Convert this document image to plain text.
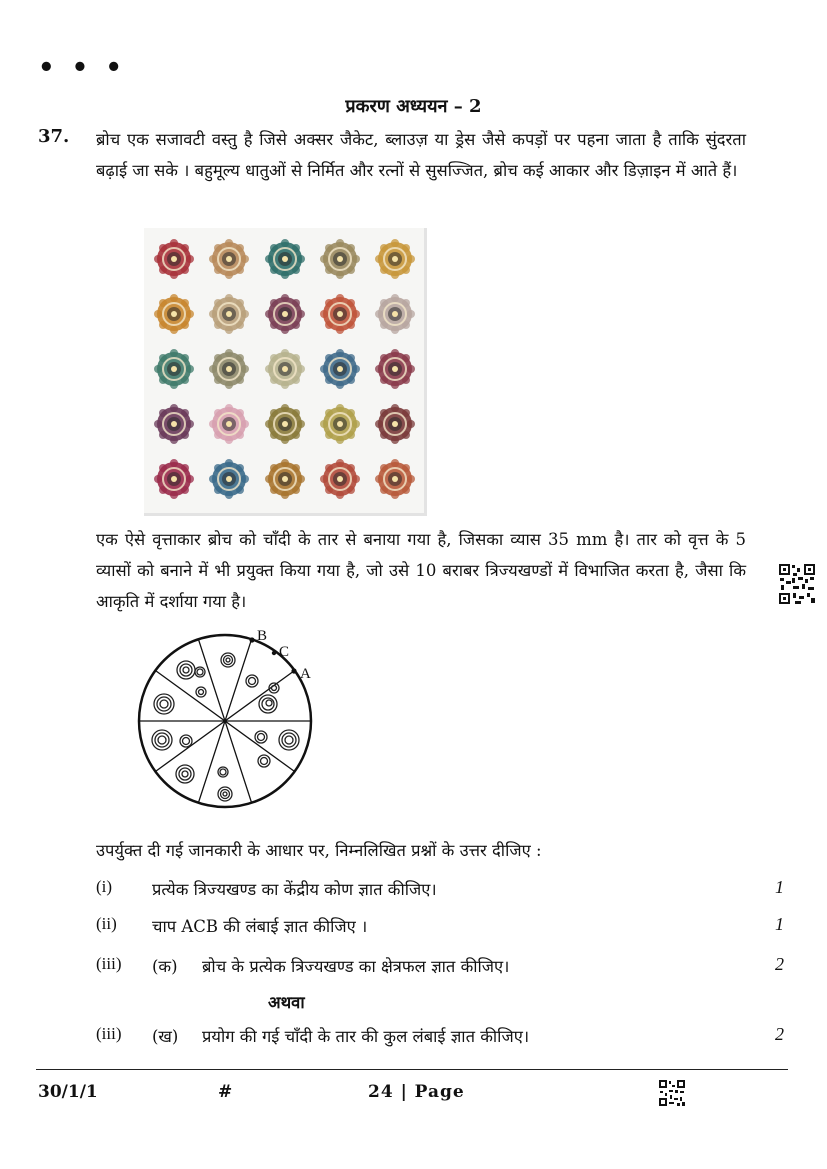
• • •
प्रकरण अध्ययन – 2
37. ब्रोच एक सजावटी वस्तु है जिसे अक्सर जैकेट, ब्लाउज़ या ड्रेस जैसे कपड़ों पर पहना जाता है ताकि सुंदरता बढ़ाई जा सके । बहुमूल्य धातुओं से निर्मित और रत्नों से सुसज्जित, ब्रोच कई आकार और डिज़ाइन में आते हैं।
एक ऐसे वृत्ताकार ब्रोच को चाँदी के तार से बनाया गया है, जिसका व्यास 35 mm है। तार को वृत्त के 5 व्यासों को बनाने में भी प्रयुक्त किया गया है, जो उसे 10 बराबर त्रिज्यखण्डों में विभाजित करता है, जैसा कि आकृति में दर्शाया गया है।
B
C
A
उपर्युक्त दी गई जानकारी के आधार पर, निम्नलिखित प्रश्नों के उत्तर दीजिए :
(i) प्रत्येक त्रिज्यखण्ड का केंद्रीय कोण ज्ञात कीजिए।	1
(ii) चाप ACB की लंबाई ज्ञात कीजिए ।	1
(iii) (क) ब्रोच के प्रत्येक त्रिज्यखण्ड का क्षेत्रफल ज्ञात कीजिए।	2
अथवा
(iii) (ख) प्रयोग की गई चाँदी के तार की कुल लंबाई ज्ञात कीजिए।	2
30/1/1	#	24 | Page
